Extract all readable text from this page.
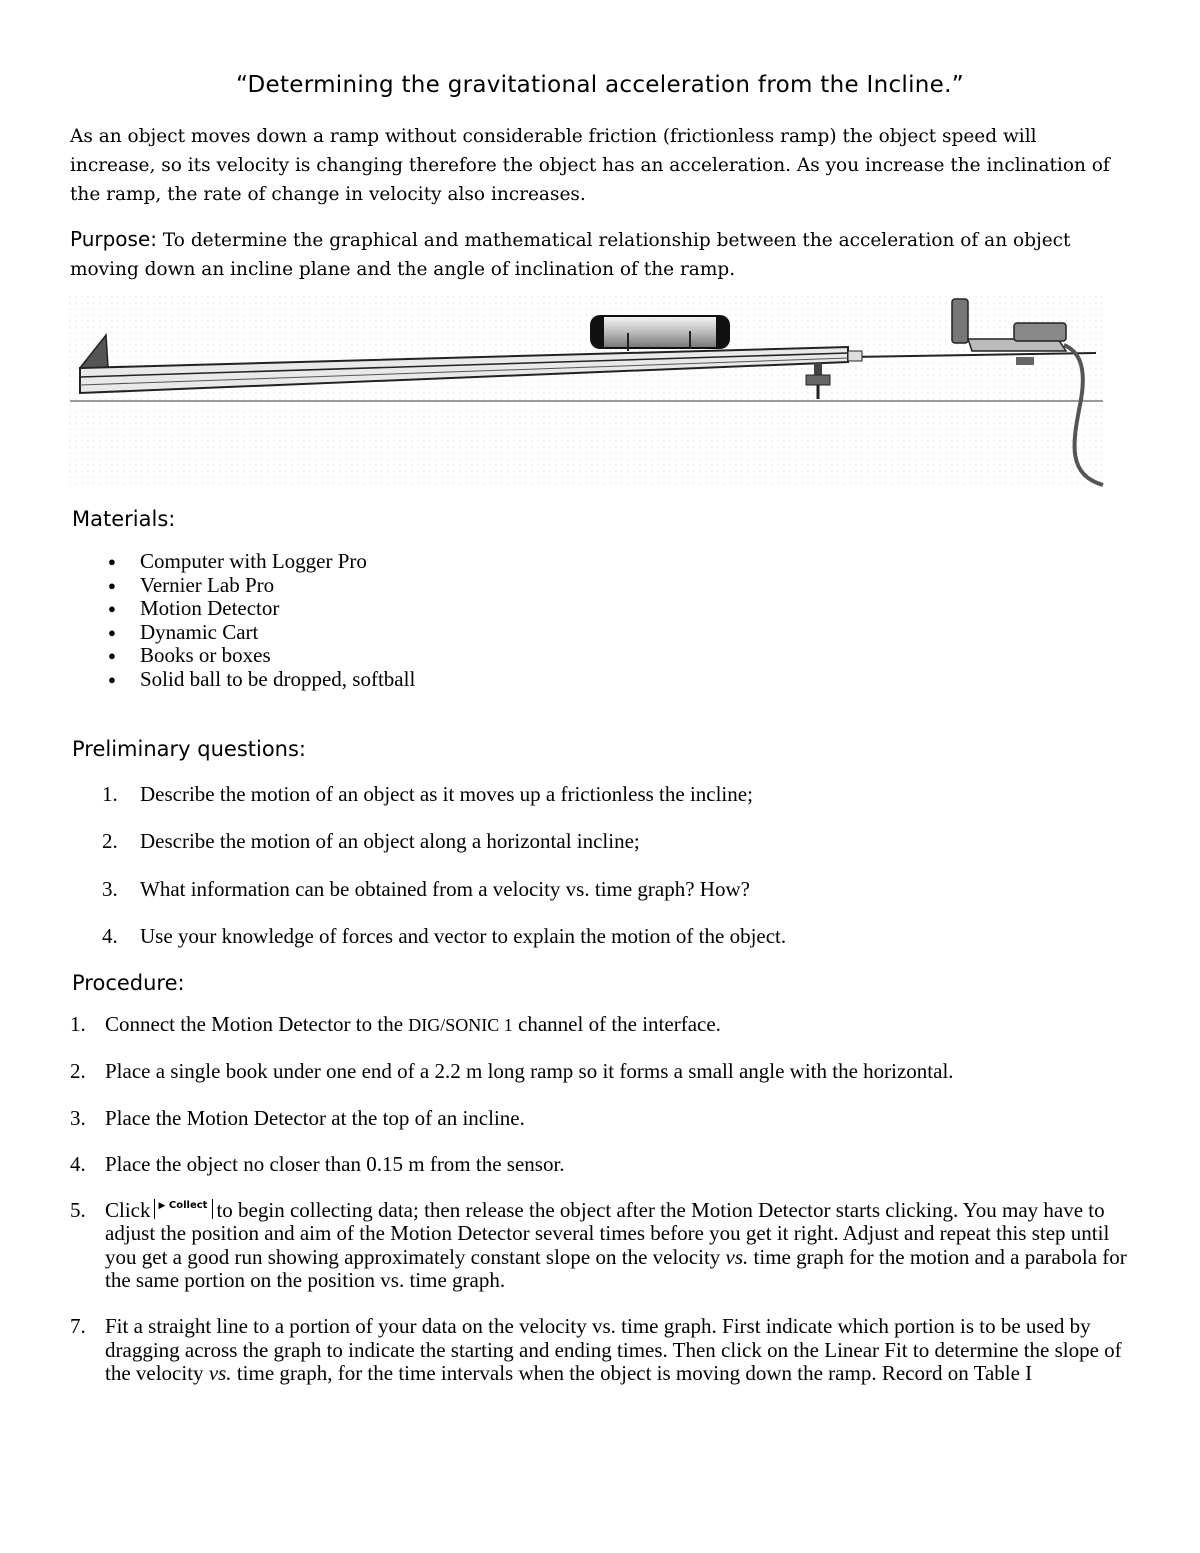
“Determining the gravitational acceleration from the Incline.”
As an object moves down a ramp without considerable friction (frictionless ramp) the object speed will
increase, so its velocity is changing therefore the object has an acceleration. As you increase the inclination of
the ramp, the rate of change in velocity also increases.
Purpose: To determine the graphical and mathematical relationship between the acceleration of an object
moving down an incline plane and the angle of inclination of the ramp.
Materials:
● Computer with Logger Pro
● Vernier Lab Pro
● Motion Detector
● Dynamic Cart
● Books or boxes
● Solid ball to be dropped, softball
Preliminary questions:
1.	Describe the motion of an object as it moves up a frictionless the incline;
2.	Describe the motion of an object along a horizontal incline;
3.	What information can be obtained from a velocity vs. time graph? How?
4.	Use your knowledge of forces and vector to explain the motion of the object.
Procedure:
1. Connect the Motion Detector to the DIG/SONIC 1 channel of the interface.
2. Place a single book under one end of a 2.2 m long ramp so it forms a small angle with the horizontal.
3. Place the Motion Detector at the top of an incline.
4. Place the object no closer than 0.15 m from the sensor.
5. Click ▶ Collect to begin collecting data; then release the object after the Motion Detector starts clicking. You may have to adjust the position and aim of the Motion Detector several times before you get it right. Adjust and repeat this step until you get a good run showing approximately constant slope on the velocity vs. time graph for the motion and a parabola for the same portion on the position vs. time graph.
7. Fit a straight line to a portion of your data on the velocity vs. time graph. First indicate which portion is to be used by dragging across the graph to indicate the starting and ending times. Then click on the Linear Fit to determine the slope of the velocity vs. time graph, for the time intervals when the object is moving down the ramp. Record on Table I
